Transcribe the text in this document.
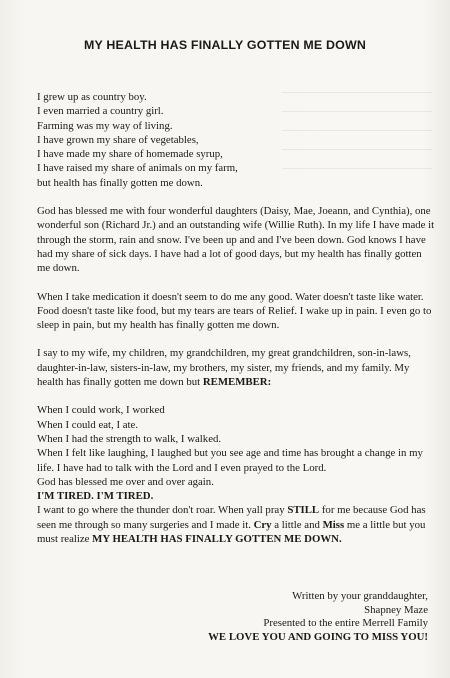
MY HEALTH HAS FINALLY GOTTEN ME DOWN
I grew up as country boy.
I even married a country girl.
Farming was my way of living.
I have grown my share of vegetables,
I have made my share of homemade syrup,
I have raised my share of animals on my farm,
but health has finally gotten me down.

God has blessed me with four wonderful daughters (Daisy, Mae, Joeann, and Cynthia), one wonderful son (Richard Jr.) and an outstanding wife (Willie Ruth). In my life I have made it through the storm, rain and snow. I've been up and and I've been down. God knows I have had my share of sick days. I have had a lot of good days, but my health has finally gotten me down.

When I take medication it doesn't seem to do me any good. Water doesn't taste like water. Food doesn't taste like food, but my tears are tears of Relief. I wake up in pain. I even go to sleep in pain, but my health has finally gotten me down.

I say to my wife, my children, my grandchildren, my great grandchildren, son-in-laws, daughter-in-law, sisters-in-law, my brothers, my sister, my friends, and my family. My health has finally gotten me down but REMEMBER:

When I could work, I worked
When I could eat, I ate.
When I had the strength to walk, I walked.

When I felt like laughing, I laughed but you see age and time has brought a change in my life. I have had to talk with the Lord and I even prayed to the Lord.

God has blessed me over and over again.
I'M TIRED. I'M TIRED.

I want to go where the thunder don't roar. When yall pray STILL for me because God has seen me through so many surgeries and I made it. Cry a little and Miss me a little but you must realize MY HEALTH HAS FINALLY GOTTEN ME DOWN.

Written by your granddaughter,
Shapney Maze
Presented to the entire Merrell Family
WE LOVE YOU AND GOING TO MISS YOU!
